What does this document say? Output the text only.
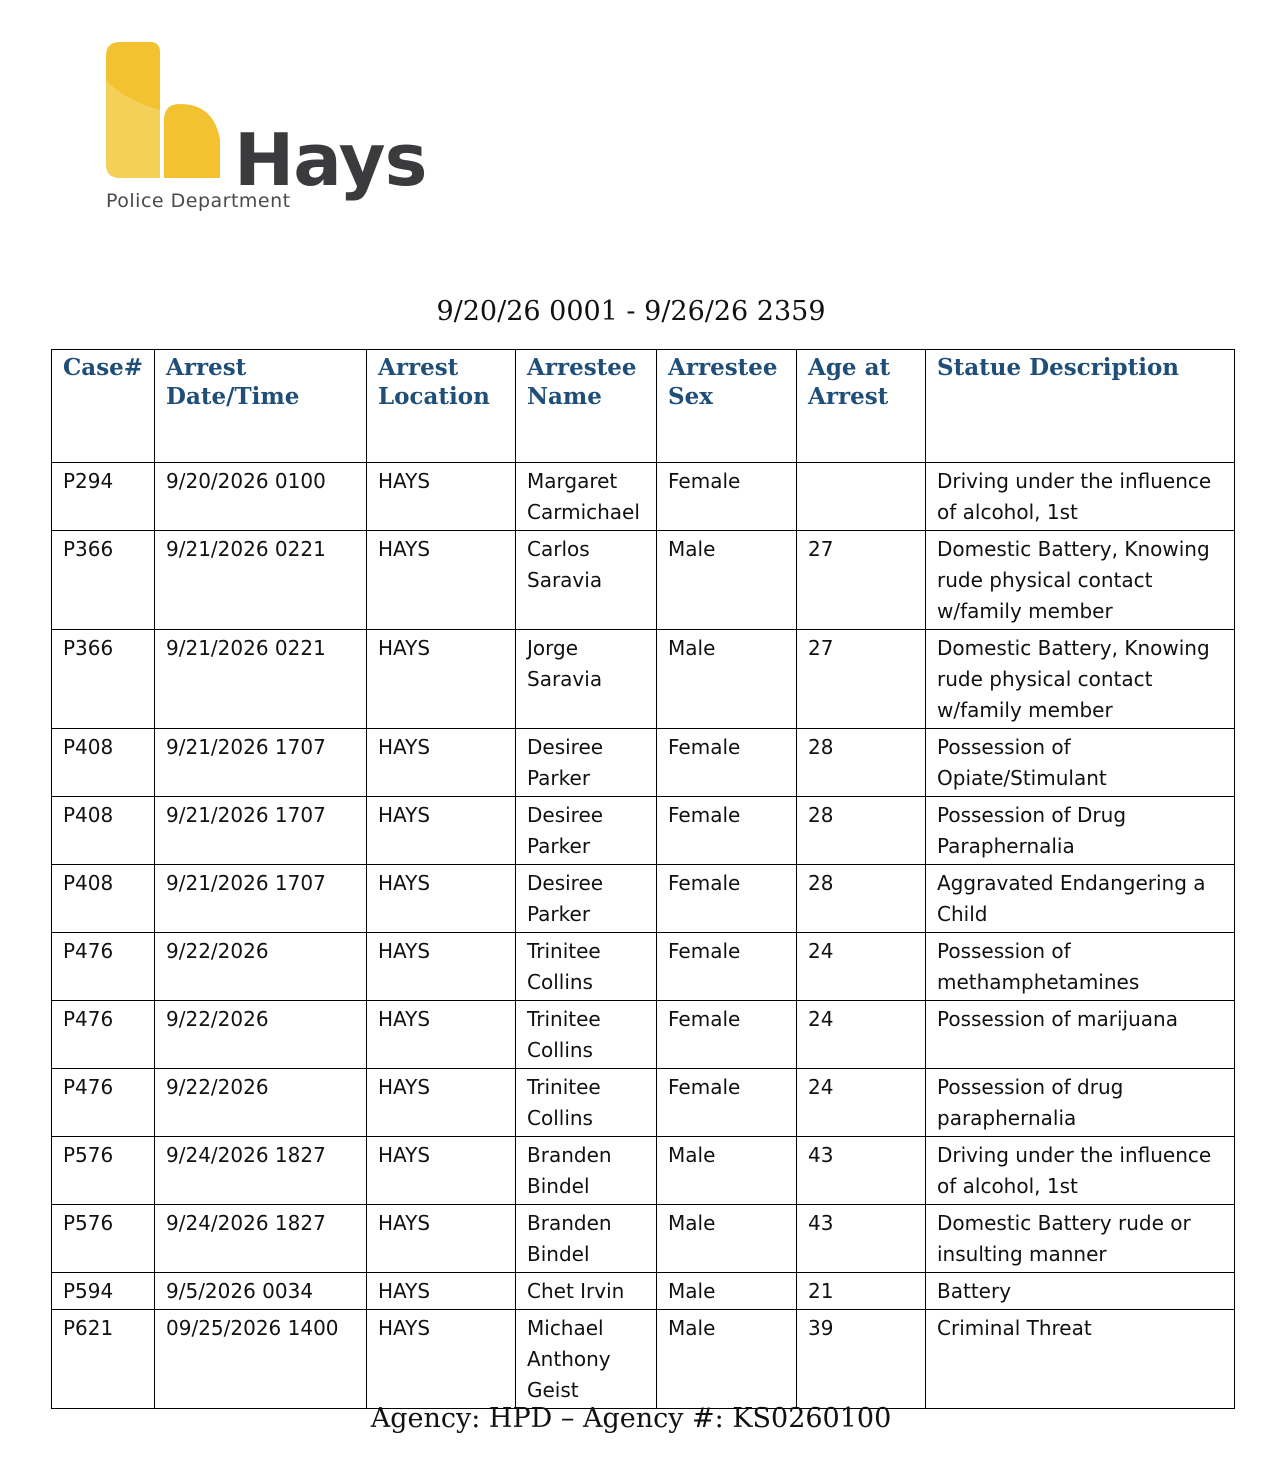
Hays
Police Department
9/20/26 0001 - 9/26/26 2359
Case#	Arrest Date/Time	Arrest Location	Arrestee Name	Arrestee Sex	Age at Arrest	Statue Description
P294	9/20/2026 0100	HAYS	Margaret Carmichael	Female		Driving under the influence of alcohol, 1st
P366	9/21/2026 0221	HAYS	Carlos Saravia	Male	27	Domestic Battery, Knowing rude physical contact w/family member
P366	9/21/2026 0221	HAYS	Jorge Saravia	Male	27	Domestic Battery, Knowing rude physical contact w/family member
P408	9/21/2026 1707	HAYS	Desiree Parker	Female	28	Possession of Opiate/Stimulant
P408	9/21/2026 1707	HAYS	Desiree Parker	Female	28	Possession of Drug Paraphernalia
P408	9/21/2026 1707	HAYS	Desiree Parker	Female	28	Aggravated Endangering a Child
P476	9/22/2026	HAYS	Trinitee Collins	Female	24	Possession of methamphetamines
P476	9/22/2026	HAYS	Trinitee Collins	Female	24	Possession of marijuana
P476	9/22/2026	HAYS	Trinitee Collins	Female	24	Possession of drug paraphernalia
P576	9/24/2026 1827	HAYS	Branden Bindel	Male	43	Driving under the influence of alcohol, 1st
P576	9/24/2026 1827	HAYS	Branden Bindel	Male	43	Domestic Battery rude or insulting manner
P594	9/5/2026 0034	HAYS	Chet Irvin	Male	21	Battery
P621	09/25/2026 1400	HAYS	Michael Anthony Geist	Male	39	Criminal Threat
Agency: HPD – Agency #: KS0260100
